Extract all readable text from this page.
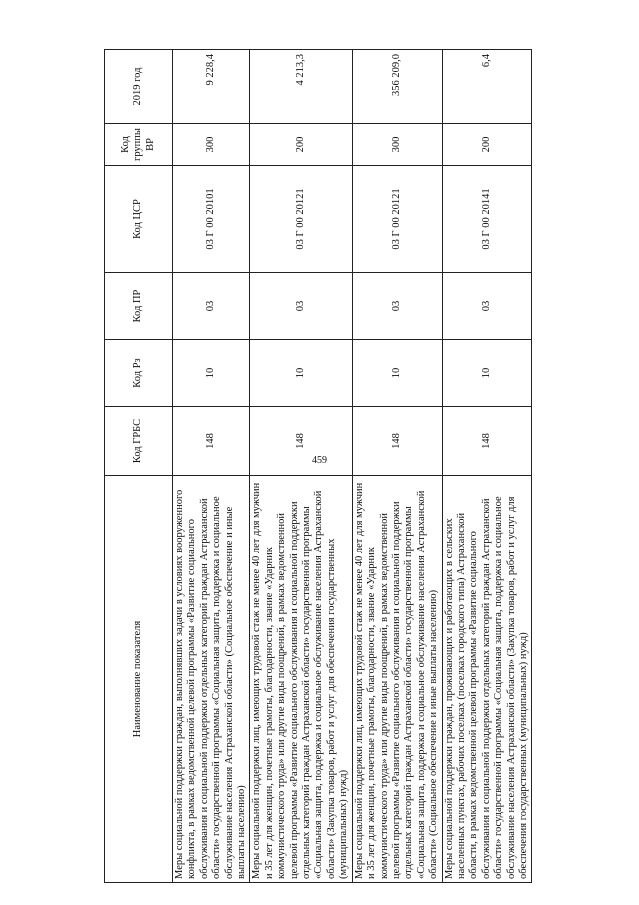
459
Наименование показателя	Код ГРБС	Код Рз	Код ПР	Код ЦСР	Код группы ВР	2019 год
Меры социальной поддержки граждан, выполнявших задачи в условиях вооруженного конфликта, в рамках ведомственной целевой программы «Развитие социального обслуживания и социальной поддержки отдельных категорий граждан Астраханской области» государственной программы «Социальная защита, поддержка и социальное обслуживание населения Астраханской области» (Социальное обеспечение и иные выплаты населению)	148	10	03	03 Г 00 20101	300	9 228,4
Меры социальной поддержки лиц, имеющих трудовой стаж не менее 40 лет для мужчин и 35 лет для женщин, почетные грамоты, благодарности, звание «Ударник коммунистического труда» или другие виды поощрений, в рамках ведомственной целевой программы «Развитие социального обслуживания и социальной поддержки отдельных категорий граждан Астраханской области» государственной программы «Социальная защита, поддержка и социальное обслуживание населения Астраханской области» (Закупка товаров, работ и услуг для обеспечения государственных (муниципальных) нужд)	148	10	03	03 Г 00 20121	200	4 213,3
Меры социальной поддержки лиц, имеющих трудовой стаж не менее 40 лет для мужчин и 35 лет для женщин, почетные грамоты, благодарности, звание «Ударник коммунистического труда» или другие виды поощрений, в рамках ведомственной целевой программы «Развитие социального обслуживания и социальной поддержки отдельных категорий граждан Астраханской области» государственной программы «Социальная защита, поддержка и социальное обслуживание населения Астраханской области» (Социальное обеспечение и иные выплаты населению)	148	10	03	03 Г 00 20121	300	356 209,0
Меры социальной поддержки граждан, проживающих и работающих в сельских населенных пунктах, рабочих поселках (поселках городского типа) Астраханской области, в рамках ведомственной целевой программы «Развитие социального обслуживания и социальной поддержки отдельных категорий граждан Астраханской области» государственной программы «Социальная защита, поддержка и социальное обслуживание населения Астраханской области» (Закупка товаров, работ и услуг для обеспечения государственных (муниципальных) нужд)	148	10	03	03 Г 00 20141	200	6,4
